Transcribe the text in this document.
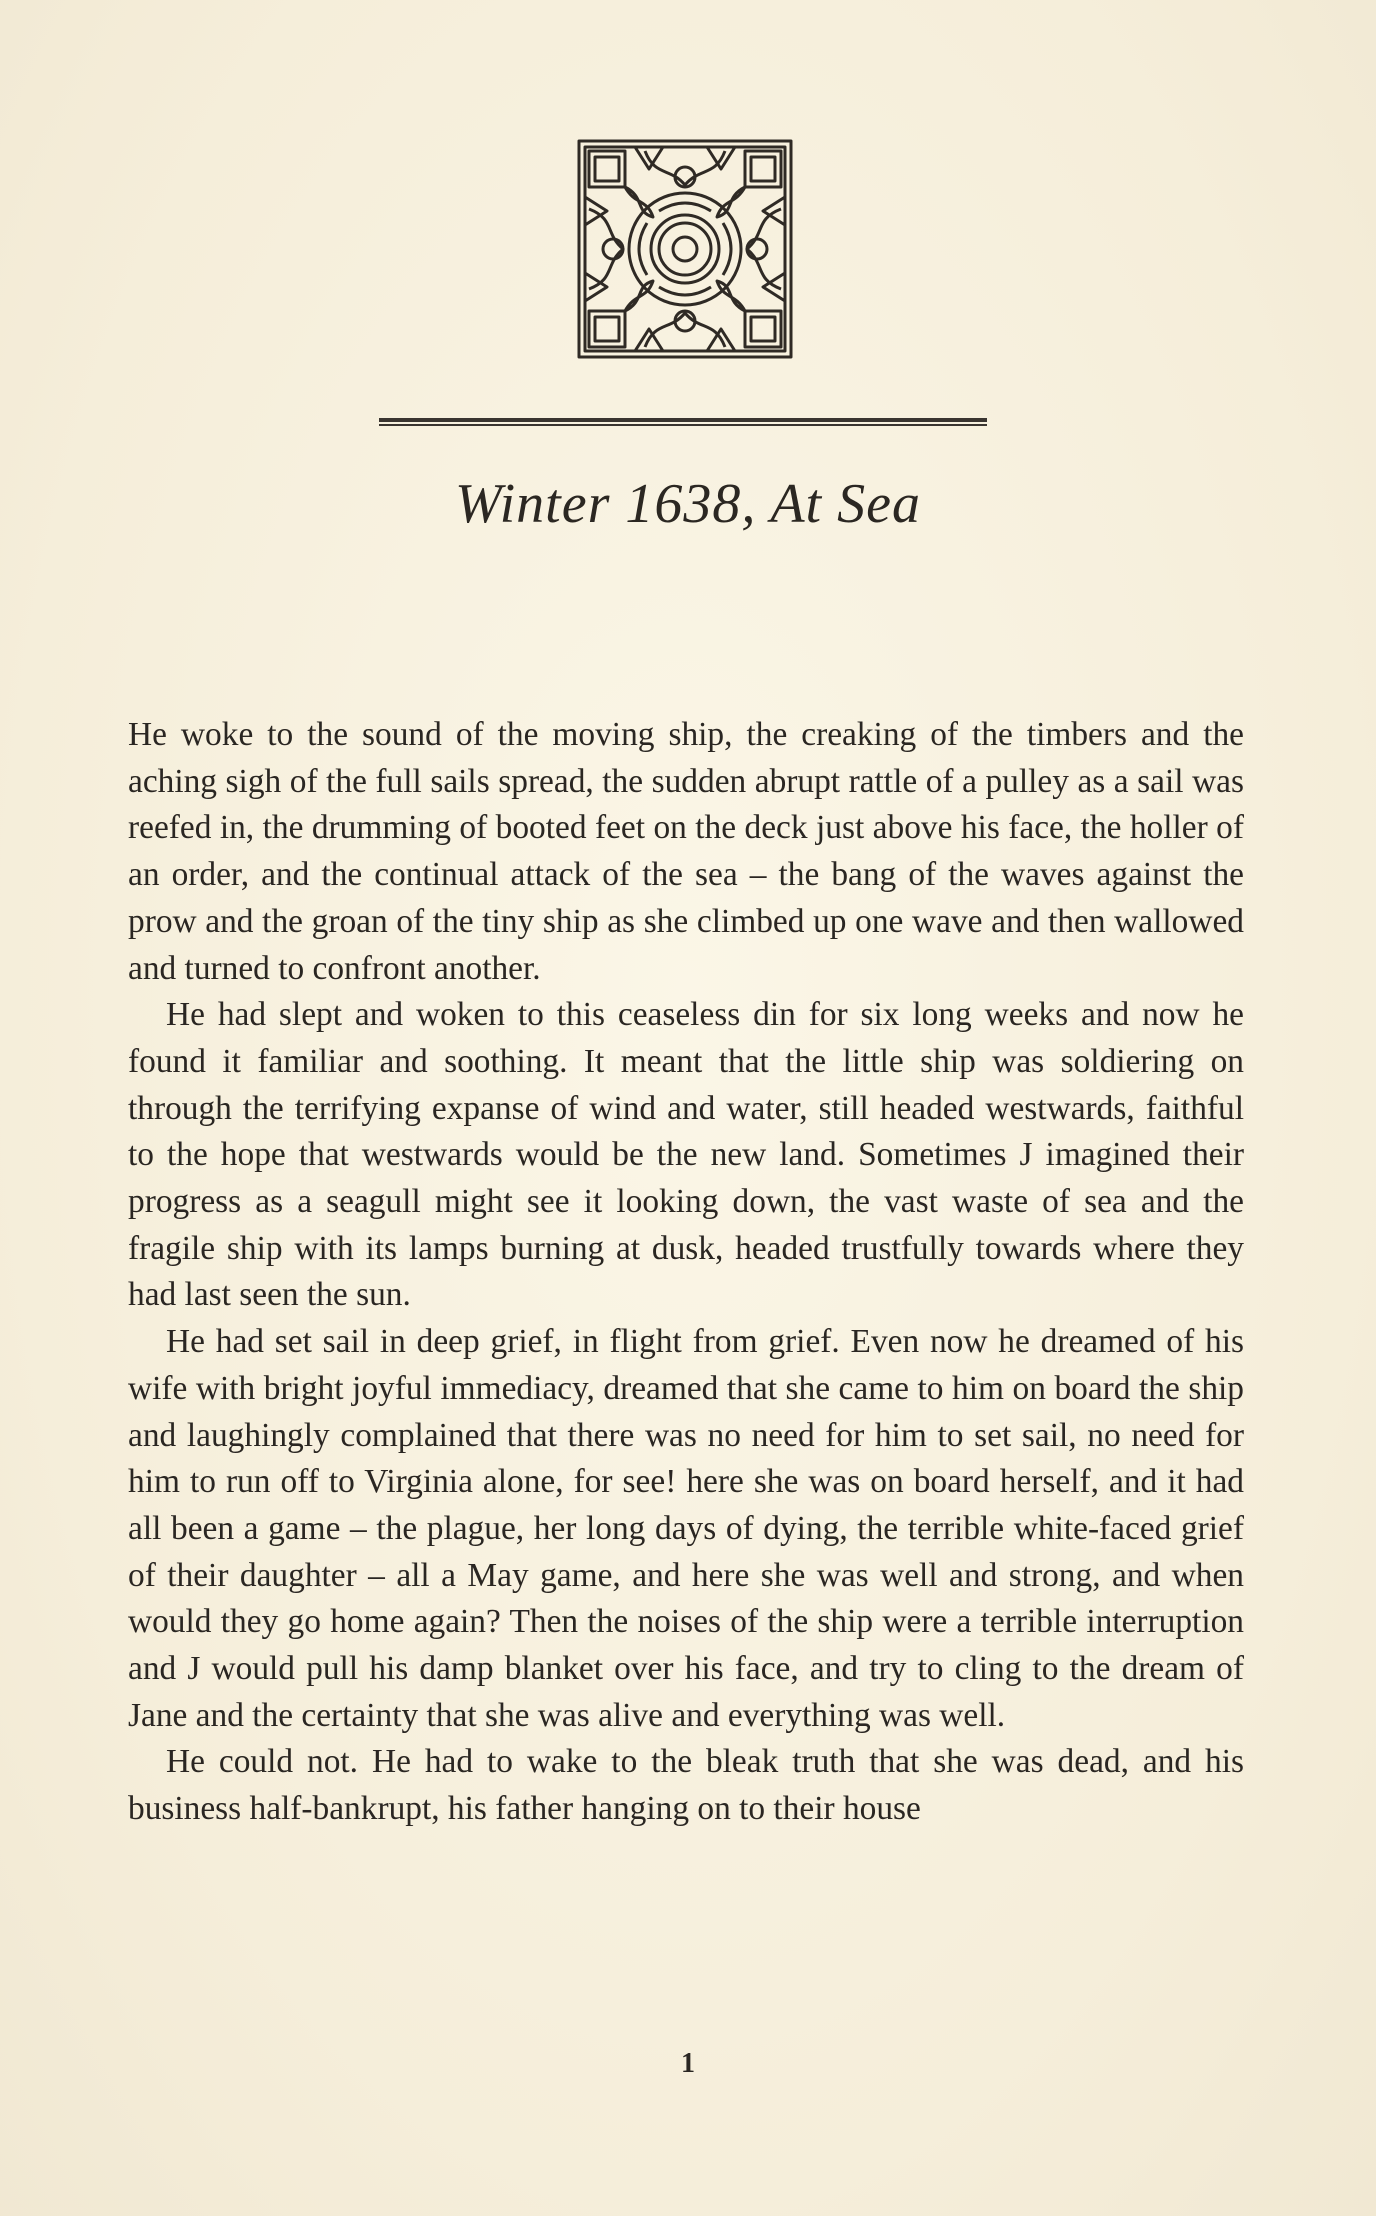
Winter 1638, At Sea

He woke to the sound of the moving ship, the creaking of the timbers and the aching sigh of the full sails spread, the sudden abrupt rattle of a pulley as a sail was reefed in, the drumming of booted feet on the deck just above his face, the holler of an order, and the continual attack of the sea – the bang of the waves against the prow and the groan of the tiny ship as she climbed up one wave and then wallowed and turned to confront another.

He had slept and woken to this ceaseless din for six long weeks and now he found it familiar and soothing. It meant that the little ship was soldiering on through the terrifying expanse of wind and water, still headed westwards, faithful to the hope that westwards would be the new land. Sometimes J imagined their progress as a seagull might see it looking down, the vast waste of sea and the fragile ship with its lamps burning at dusk, headed trustfully towards where they had last seen the sun.

He had set sail in deep grief, in flight from grief. Even now he dreamed of his wife with bright joyful immediacy, dreamed that she came to him on board the ship and laughingly complained that there was no need for him to set sail, no need for him to run off to Virginia alone, for see! here she was on board herself, and it had all been a game – the plague, her long days of dying, the terrible white-faced grief of their daughter – all a May game, and here she was well and strong, and when would they go home again? Then the noises of the ship were a terrible interruption and J would pull his damp blanket over his face, and try to cling to the dream of Jane and the certainty that she was alive and everything was well.

He could not. He had to wake to the bleak truth that she was dead, and his business half-bankrupt, his father hanging on to their house

1
